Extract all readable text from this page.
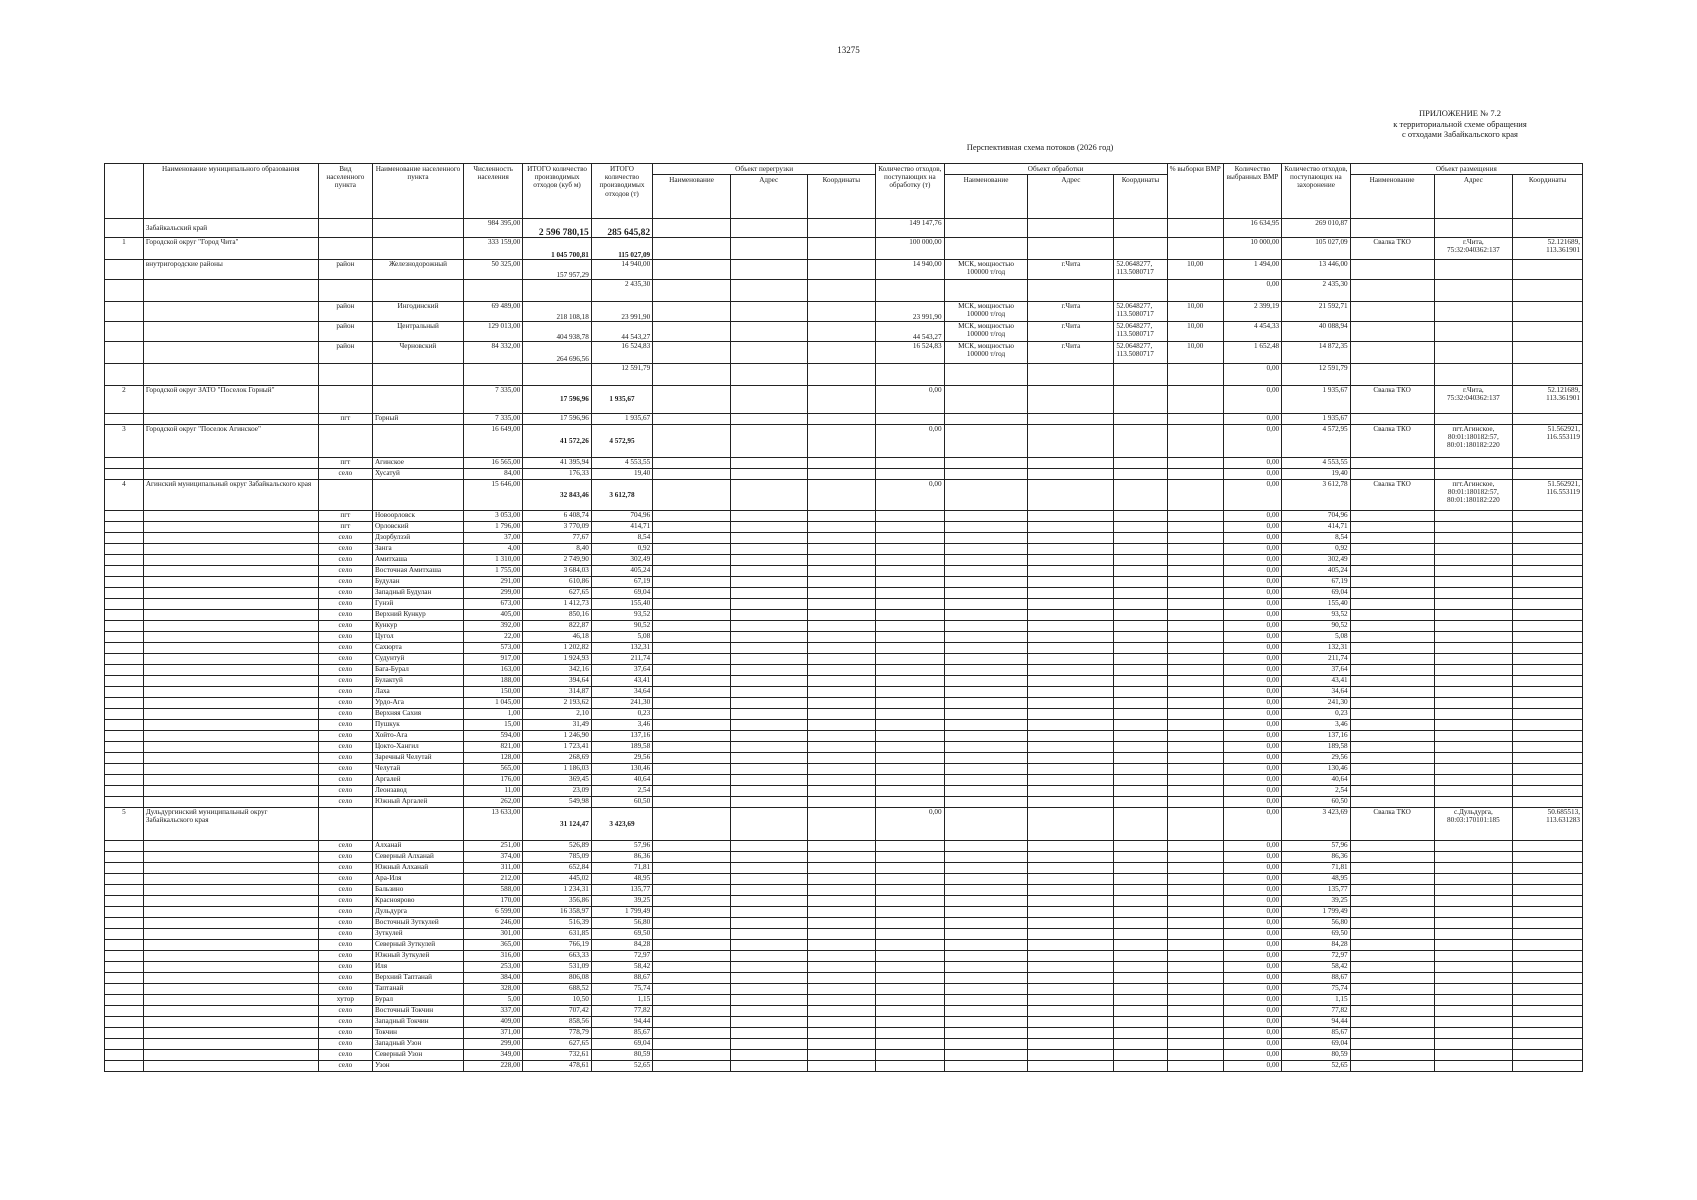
13275
ПРИЛОЖЕНИЕ № 7.2
к территориальной схеме обращения
с отходами Забайкальского края
Перспективная схема потоков (2026 год)
	Наименование муниципального образования	Вид населенного пункта	Наименование населенного пункта	Численность населения	ИТОГО количество производимых отходов (куб м)	ИТОГО количество производимых отходов (т)	Объект перегрузки			Количество отходов, поступающих на обработку (т)	Объект обработки			% выборки ВМР	Количество выбранных ВМР	Количество отходов, поступающих на захоронение	Объект размещения		
							Наименование	Адрес	Координаты		Наименование	Адрес	Координаты				Наименование	Адрес	Координаты
	Забайкальский край			984 395,00	2 596 780,15	285 645,82				149 147,76					16 634,95	269 010,87			
1	Городской округ "Город Чита"			333 159,00	1 045 700,81	115 027,09				100 000,00					10 000,00	105 027,09	Свалка ТКО	г.Чита, 75:32:040362:137	52.121689, 113.361901
	внутригородские районы	район	Железнодорожный	50 325,00	157 957,29	14 940,00				14 940,00	МСК, мощностью 100000 т/год	г.Чита	52.0648277, 113.5080717	10,00	1 494,00	13 446,00			
						2 435,30									0,00	2 435,30			
		район	Ингодинский	69 489,00	218 108,18	23 991,90				23 991,90	МСК, мощностью 100000 т/год	г.Чита	52.0648277, 113.5080717	10,00	2 399,19	21 592,71			
		район	Центральный	129 013,00	404 938,78	44 543,27				44 543,27	МСК, мощностью 100000 т/год	г.Чита	52.0648277, 113.5080717	10,00	4 454,33	40 088,94			
		район	Черновский	84 332,00	264 696,56	16 524,83				16 524,83	МСК, мощностью 100000 т/год	г.Чита	52.0648277, 113.5080717	10,00	1 652,48	14 872,35			
						12 591,79									0,00	12 591,79			
2	Городской округ ЗАТО "Поселок Горный"			7 335,00	17 596,96	1 935,67				0,00					0,00	1 935,67	Свалка ТКО	г.Чита, 75:32:040362:137	52.121689, 113.361901
		пгт	Горный	7 335,00	17 596,96	1 935,67									0,00	1 935,67			
3	Городской округ "Поселок Агинское"			16 649,00	41 572,26	4 572,95				0,00					0,00	4 572,95	Свалка ТКО	пгт.Агинское, 80:01:180182:57, 80:01:180182:220	51.562921, 116.553119
		пгт	Агинское	16 565,00	41 395,94	4 553,55									0,00	4 553,55			
		село	Хусатуй	84,00	176,33	19,40									0,00	19,40			
4	Агинский муниципальный округ Забайкальского края			15 646,00	32 843,46	3 612,78				0,00					0,00	3 612,78	Свалка ТКО	пгт.Агинское, 80:01:180182:57, 80:01:180182:220	51.562921, 116.553119
		пгт	Новоорловск	3 053,00	6 408,74	704,96									0,00	704,96			
		пгт	Орловский	1 796,00	3 770,09	414,71									0,00	414,71			
		село	Дзорбулзэй	37,00	77,67	8,54									0,00	8,54			
		село	Занга	4,00	8,40	0,92									0,00	0,92			
		село	Амитхаша	1 310,00	2 749,90	302,49									0,00	302,49			
		село	Восточная Амитхаша	1 755,00	3 684,03	405,24									0,00	405,24			
		село	Будулан	291,00	610,86	67,19									0,00	67,19			
		село	Западный Будулан	299,00	627,65	69,04									0,00	69,04			
		село	Гунэй	673,00	1 412,73	155,40									0,00	155,40			
		село	Верхний Кункур	405,00	850,16	93,52									0,00	93,52			
		село	Кункур	392,00	822,87	90,52									0,00	90,52			
		село	Цугол	22,00	46,18	5,08									0,00	5,08			
		село	Сахюрта	573,00	1 202,82	132,31									0,00	132,31			
		село	Судунтуй	917,00	1 924,93	211,74									0,00	211,74			
		село	Бага-Бурал	163,00	342,16	37,64									0,00	37,64			
		село	Булактуй	188,00	394,64	43,41									0,00	43,41			
		село	Лаха	150,00	314,87	34,64									0,00	34,64			
		село	Урдо-Ага	1 045,00	2 193,62	241,30									0,00	241,30			
		село	Верхняя Сахия	1,00	2,10	0,23									0,00	0,23			
		село	Пушкук	15,00	31,49	3,46									0,00	3,46			
		село	Хойто-Ага	594,00	1 246,90	137,16									0,00	137,16			
		село	Цокто-Хангил	821,00	1 723,41	189,58									0,00	189,58			
		село	Заречный Челутай	128,00	268,69	29,56									0,00	29,56			
		село	Челутай	565,00	1 186,03	130,46									0,00	130,46			
		село	Аргалей	176,00	369,45	40,64									0,00	40,64			
		село	Леонзавод	11,00	23,09	2,54									0,00	2,54			
		село	Южный Аргалей	262,00	549,98	60,50									0,00	60,50			
5	Дульдургинский муниципальный округ Забайкальского края			13 633,00	31 124,47	3 423,69				0,00					0,00	3 423,69	Свалка ТКО	с.Дульдурга, 80:03:170101:185	50.685513, 113.631283
		село	Алханай	251,00	526,89	57,96									0,00	57,96			
		село	Северный Алханай	374,00	785,09	86,36									0,00	86,36			
		село	Южный Алханай	311,00	652,84	71,81									0,00	71,81			
		село	Ара-Иля	212,00	445,02	48,95									0,00	48,95			
		село	Бальзино	588,00	1 234,31	135,77									0,00	135,77			
		село	Красноярово	170,00	356,86	39,25									0,00	39,25			
		село	Дульдурга	6 599,00	16 358,97	1 799,49									0,00	1 799,49			
		село	Восточный Зуткулей	246,00	516,39	56,80									0,00	56,80			
		село	Зуткулей	301,00	631,85	69,50									0,00	69,50			
		село	Северный Зуткулей	365,00	766,19	84,28									0,00	84,28			
		село	Южный Зуткулей	316,00	663,33	72,97									0,00	72,97			
		село	Иля	253,00	531,09	58,42									0,00	58,42			
		село	Верхний Таптанай	384,00	806,08	88,67									0,00	88,67			
		село	Таптанай	328,00	688,52	75,74									0,00	75,74			
		хутор	Бурал	5,00	10,50	1,15									0,00	1,15			
		село	Восточный Токчин	337,00	707,42	77,82									0,00	77,82			
		село	Западный Токчин	409,00	858,56	94,44									0,00	94,44			
		село	Токчин	371,00	778,79	85,67									0,00	85,67			
		село	Западный Узон	299,00	627,65	69,04									0,00	69,04			
		село	Северный Узон	349,00	732,61	80,59									0,00	80,59			
		село	Узон	228,00	478,61	52,65									0,00	52,65			
